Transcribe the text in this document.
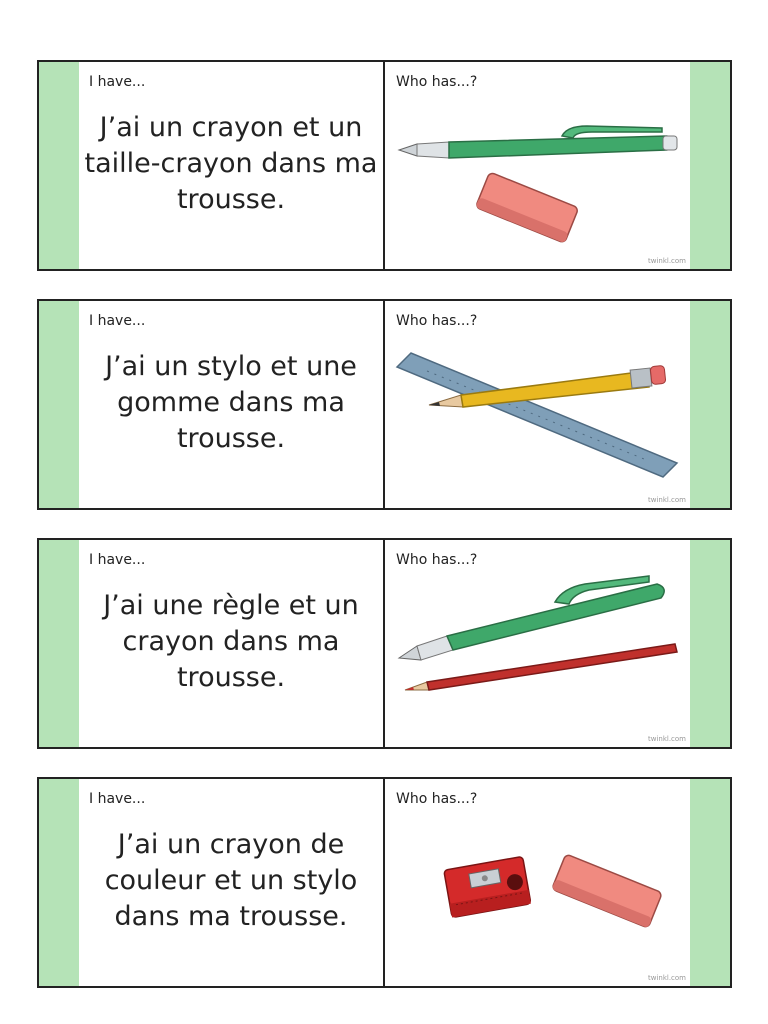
I have...
J’ai un crayon et un taille-crayon dans ma trousse.
Who has...?
twinkl.com
I have...
J’ai un stylo et une gomme dans ma trousse.
Who has...?
twinkl.com
I have...
J’ai une règle et un crayon dans ma trousse.
Who has...?
twinkl.com
I have...
J’ai un crayon de couleur et un stylo dans ma trousse.
Who has...?
twinkl.com
